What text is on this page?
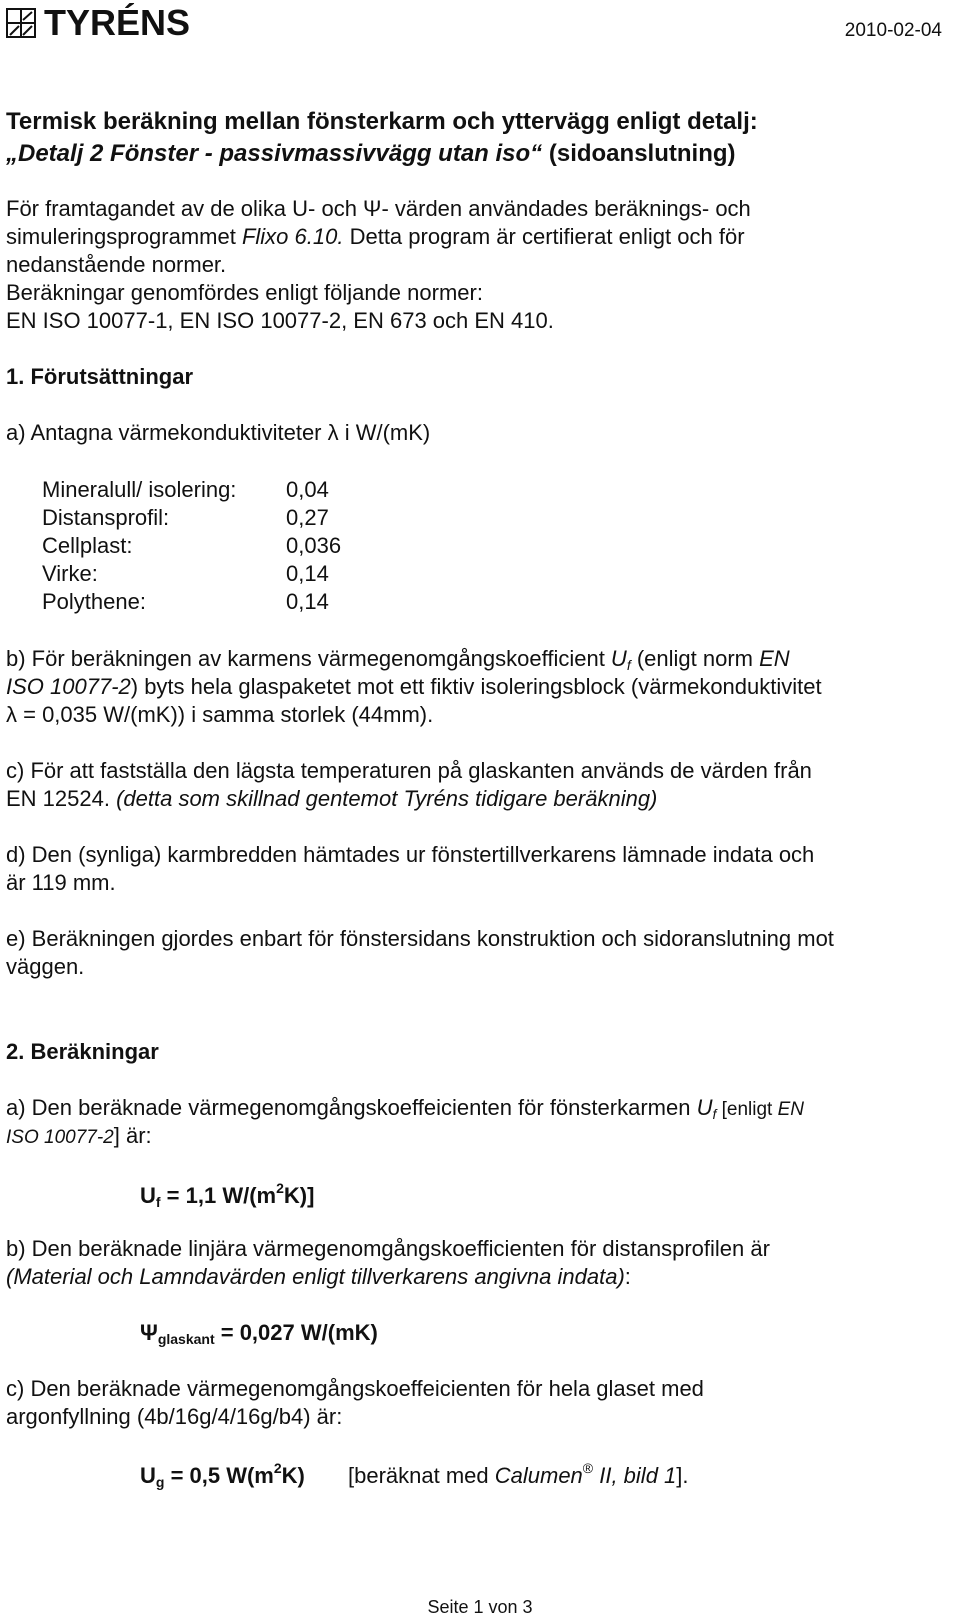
TYRÉNS	2010-02-04
Termisk beräkning mellan fönsterkarm och yttervägg enligt detalj:
„Detalj 2 Fönster - passivmassivvägg utan iso“ (sidoanslutning)
För framtagandet av de olika U- och Ψ- värden användades beräknings- och
simuleringsprogrammet Flixo 6.10. Detta program är certifierat enligt och för
nedanstående normer.
Beräkningar genomfördes enligt följande normer:
EN ISO 10077-1, EN ISO 10077-2, EN 673 och EN 410.
1. Förutsättningar
a) Antagna värmekonduktiviteter λ i W/(mK)
Mineralull/ isolering: 0,04
Distansprofil:	0,27
Cellplast:	0,036
Virke:	0,14
Polythene:	0,14
b) För beräkningen av karmens värmegenomgångskoefficient $U_f$ (enligt norm EN
ISO 10077-2) byts hela glaspaketet mot ett fiktiv isoleringsblock (värmekonduktivitet
λ = 0,035 W/(mK)) i samma storlek (44mm).
c) För att fastställa den lägsta temperaturen på glaskanten används de värden från
EN 12524. (detta som skillnad gentemot Tyréns tidigare beräkning)
d) Den (synliga) karmbredden hämtades ur fönstertillverkarens lämnade indata och
är 119 mm.
e) Beräkningen gjordes enbart för fönstersidans konstruktion och sidoranslutning mot
väggen.
2. Beräkningar
a) Den beräknade värmegenomgångskoeffeicienten för fönsterkarmen $U_f$ [enligt EN
ISO 10077-2] är:
$U_f = 1,1$ $W/(m^2K)$]
b) Den beräknade linjära värmegenomgångskoefficienten för distansprofilen är
(Material och Lamndavärden enligt tillverkarens angivna indata):
$\Psi_{glaskant} = 0,027$ W/(mK)
c) Den beräknade värmegenomgångskoeffeicienten för hela glaset med
argonfyllning (4b/16g/4/16g/b4) är:
$U_g = 0,5$ $W(m^2K)$ [beräknat med Calumen® II, bild 1].
Seite 1 von 3
